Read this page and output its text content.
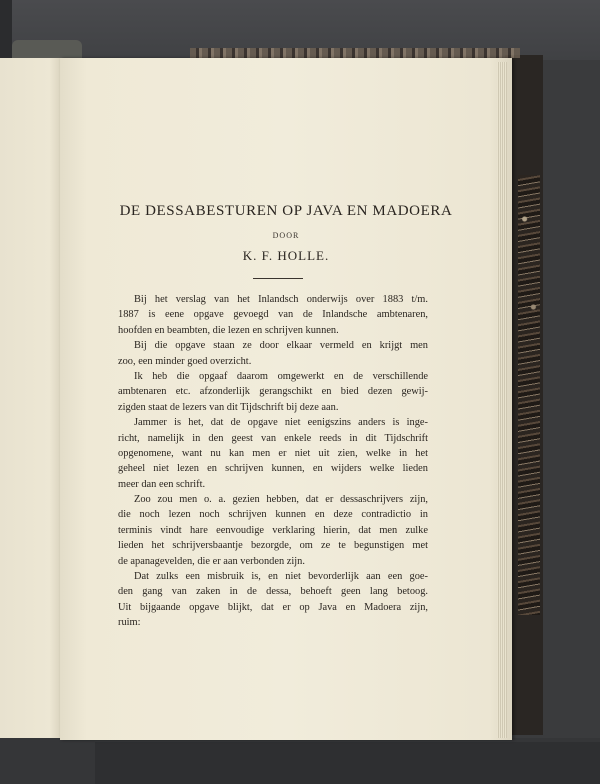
DE DESSABESTUREN OP JAVA EN MADOERA
DOOR
K. F. HOLLE.
Bij het verslag van het Inlandsch onderwijs over 1883 t/m.
1887 is eene opgave gevoegd van de Inlandsche ambtenaren,
hoofden en beambten, die lezen en schrijven kunnen.
Bij die opgave staan ze door elkaar vermeld en krijgt men
zoo, een minder goed overzicht.
Ik heb die opgaaf daarom omgewerkt en de verschillende
ambtenaren etc. afzonderlijk gerangschikt en bied dezen gewij-
zigden staat de lezers van dit Tijdschrift bij deze aan.
Jammer is het, dat de opgave niet eenigszins anders is inge-
richt, namelijk in den geest van enkele reeds in dit Tijdschrift
opgenomene, want nu kan men er niet uit zien, welke in het
geheel niet lezen en schrijven kunnen, en wijders welke lieden
meer dan een schrift.
Zoo zou men o. a. gezien hebben, dat er dessaschrijvers zijn,
die noch lezen noch schrijven kunnen en deze contradictio in
terminis vindt hare eenvoudige verklaring hierin, dat men zulke
lieden het schrijversbaantje bezorgde, om ze te begunstigen met
de apanagevelden, die er aan verbonden zijn.
Dat zulks een misbruik is, en niet bevorderlijk aan een goe-
den gang van zaken in de dessa, behoeft geen lang betoog.
Uit bijgaande opgave blijkt, dat er op Java en Madoera zijn,
ruim:
